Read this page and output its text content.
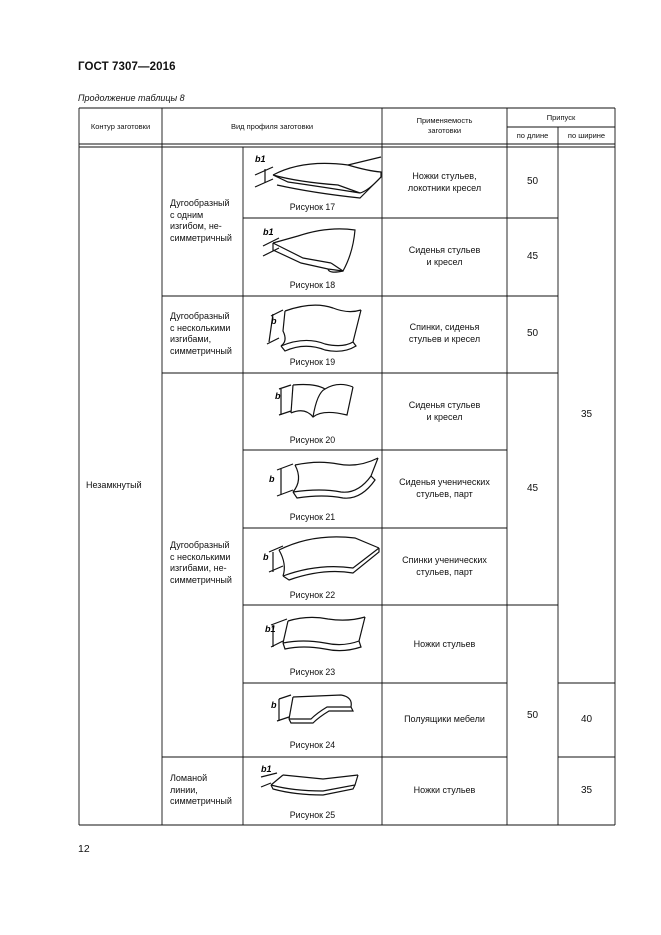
ГОСТ 7307—2016
Продолжение таблицы 8
12
Контур заготовки	Вид профиля заготовки
Применяемость
заготовки
Припуск
по длине	по ширине
Незамкнутый
Дугообразный
с одним
изгибом, не-
симметричный
Дугообразный
с несколькими
изгибами,
симметричный
Дугообразный
с несколькими
изгибами, не-
симметричный
Ломаной
линии,
симметричный
b1
b1
b
b
b
b
b1
b
b1
Рисунок 17
Рисунок 18
Рисунок 19
Рисунок 20
Рисунок 21
Рисунок 22
Рисунок 23
Рисунок 24
Рисунок 25
Ножки стульев,
локотники кресел
Сиденья стульев
и кресел
Спинки, сиденья
стульев и кресел
Сиденья стульев
и кресел
Сиденья ученических
стульев, парт
Спинки ученических
стульев, парт
Ножки стульев
Полуящики мебели
Ножки стульев
50
45
50
45
50
35
40
35
